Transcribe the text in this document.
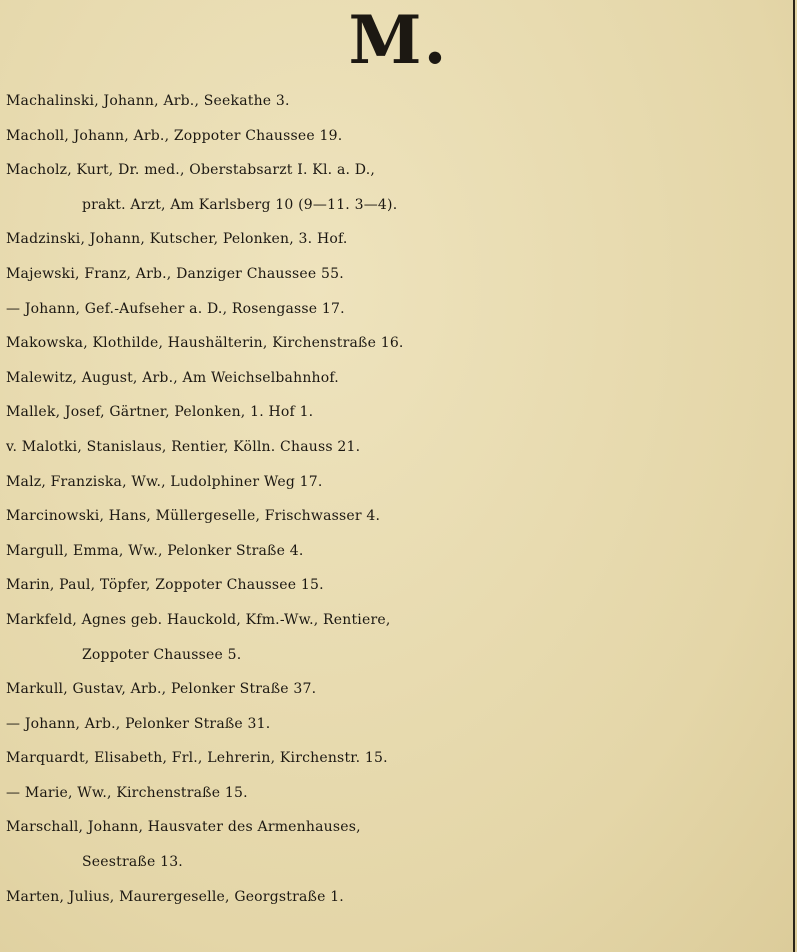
M.
Machalinski, Johann, Arb., Seekathe 3.
Macholl, Johann, Arb., Zoppoter Chaussee 19.
Macholz, Kurt, Dr. med., Oberstabsarzt I. Kl. a. D.,
prakt. Arzt, Am Karlsberg 10 (9—11. 3—4).
Madzinski, Johann, Kutscher, Pelonken, 3. Hof.
Majewski, Franz, Arb., Danziger Chaussee 55.
— Johann, Gef.-Aufseher a. D., Rosengasse 17.
Makowska, Klothilde, Haushälterin, Kirchenstraße 16.
Malewitz, August, Arb., Am Weichselbahnhof.
Mallek, Josef, Gärtner, Pelonken, 1. Hof 1.
v. Malotki, Stanislaus, Rentier, Kölln. Chauss 21.
Malz, Franziska, Ww., Ludolphiner Weg 17.
Marcinowski, Hans, Müllergeselle, Frischwasser 4.
Margull, Emma, Ww., Pelonker Straße 4.
Marin, Paul, Töpfer, Zoppoter Chaussee 15.
Markfeld, Agnes geb. Hauckold, Kfm.-Ww., Rentiere,
Zoppoter Chaussee 5.
Markull, Gustav, Arb., Pelonker Straße 37.
— Johann, Arb., Pelonker Straße 31.
Marquardt, Elisabeth, Frl., Lehrerin, Kirchenstr. 15.
— Marie, Ww., Kirchenstraße 15.
Marschall, Johann, Hausvater des Armenhauses,
Seestraße 13.
Marten, Julius, Maurergeselle, Georgstraße 1.
